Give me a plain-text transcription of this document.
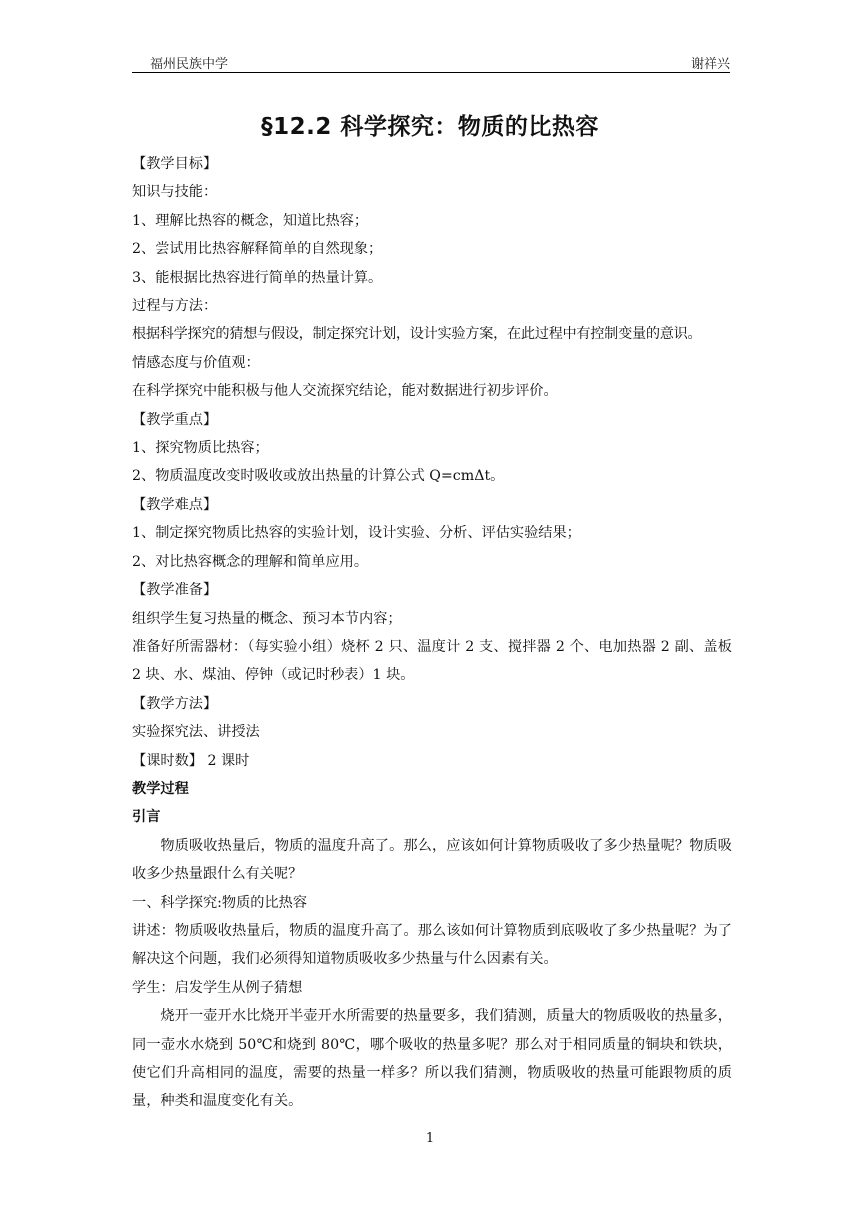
福州民族中学	谢祥兴
§12.2 科学探究：物质的比热容
【教学目标】
知识与技能：
1、理解比热容的概念，知道比热容；
2、尝试用比热容解释简单的自然现象；
3、能根据比热容进行简单的热量计算。
过程与方法：
根据科学探究的猜想与假设，制定探究计划，设计实验方案，在此过程中有控制变量的意识。
情感态度与价值观：
在科学探究中能积极与他人交流探究结论，能对数据进行初步评价。
【教学重点】
1、探究物质比热容；
2、物质温度改变时吸收或放出热量的计算公式 Q=cmΔt。
【教学难点】
1、制定探究物质比热容的实验计划，设计实验、分析、评估实验结果；
2、对比热容概念的理解和简单应用。
【教学准备】
组织学生复习热量的概念、预习本节内容；
准备好所需器材：（每实验小组）烧杯 2 只、温度计 2 支、搅拌器 2 个、电加热器 2 副、盖板 2 块、水、煤油、停钟（或记时秒表）1 块。
【教学方法】
实验探究法、讲授法
【课时数】 2 课时
教学过程
引言
物质吸收热量后，物质的温度升高了。那么，应该如何计算物质吸收了多少热量呢？物质吸收多少热量跟什么有关呢？
一、科学探究:物质的比热容
讲述：物质吸收热量后，物质的温度升高了。那么该如何计算物质到底吸收了多少热量呢？为了解决这个问题，我们必须得知道物质吸收多少热量与什么因素有关。
学生：启发学生从例子猜想
烧开一壶开水比烧开半壶开水所需要的热量要多，我们猜测，质量大的物质吸收的热量多，同一壶水水烧到 50℃和烧到 80℃，哪个吸收的热量多呢？那么对于相同质量的铜块和铁块，使它们升高相同的温度，需要的热量一样多？所以我们猜测，物质吸收的热量可能跟物质的质量，种类和温度变化有关。
1
